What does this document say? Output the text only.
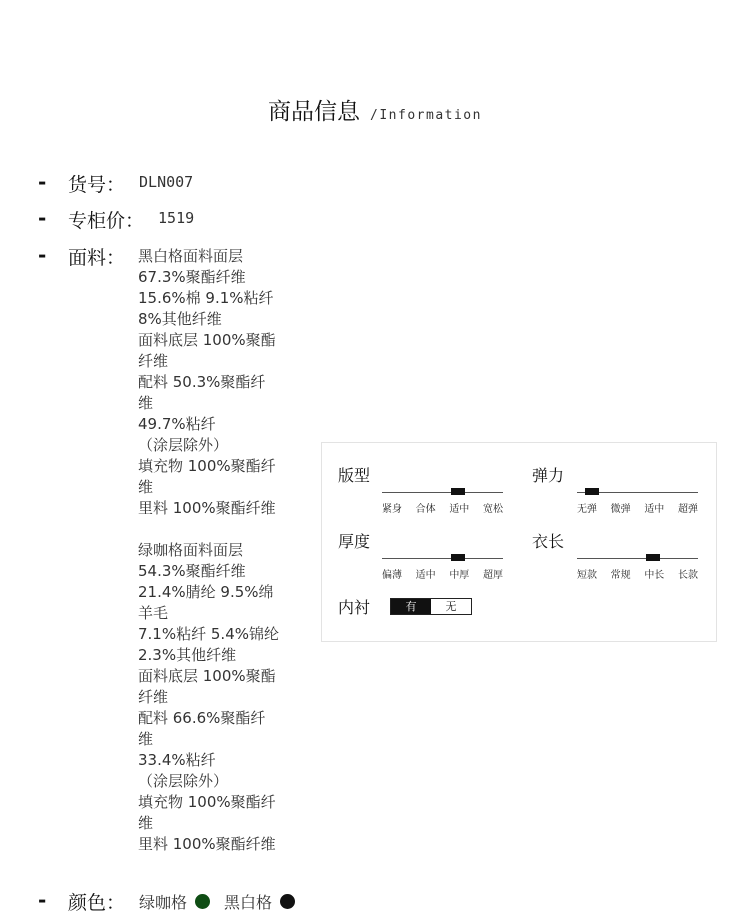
商品信息 /Information
-	货号： DLN007
-	专柜价： 1519
-	面料： 黑白格面料面层
67.3%聚酯纤维
15.6%棉 9.1%粘纤
8%其他纤维
面料底层 100%聚酯
纤维
配料 50.3%聚酯纤
维
49.7%粘纤
（涂层除外）
填充物 100%聚酯纤
维
里料 100%聚酯纤维
绿咖格面料面层
54.3%聚酯纤维
21.4%腈纶 9.5%绵
羊毛
7.1%粘纤 5.4%锦纶
2.3%其他纤维
面料底层 100%聚酯
纤维
配料 66.6%聚酯纤
维
33.4%粘纤
（涂层除外）
填充物 100%聚酯纤
维
里料 100%聚酯纤维
-	颜色： 绿咖格 黑白格
版型
紧身 合体 适中 宽松
弹力
无弹 微弹 适中 超弹
厚度
偏薄 适中 中厚 超厚
衣长
短款 常规 中长 长款
内衬	有	无
